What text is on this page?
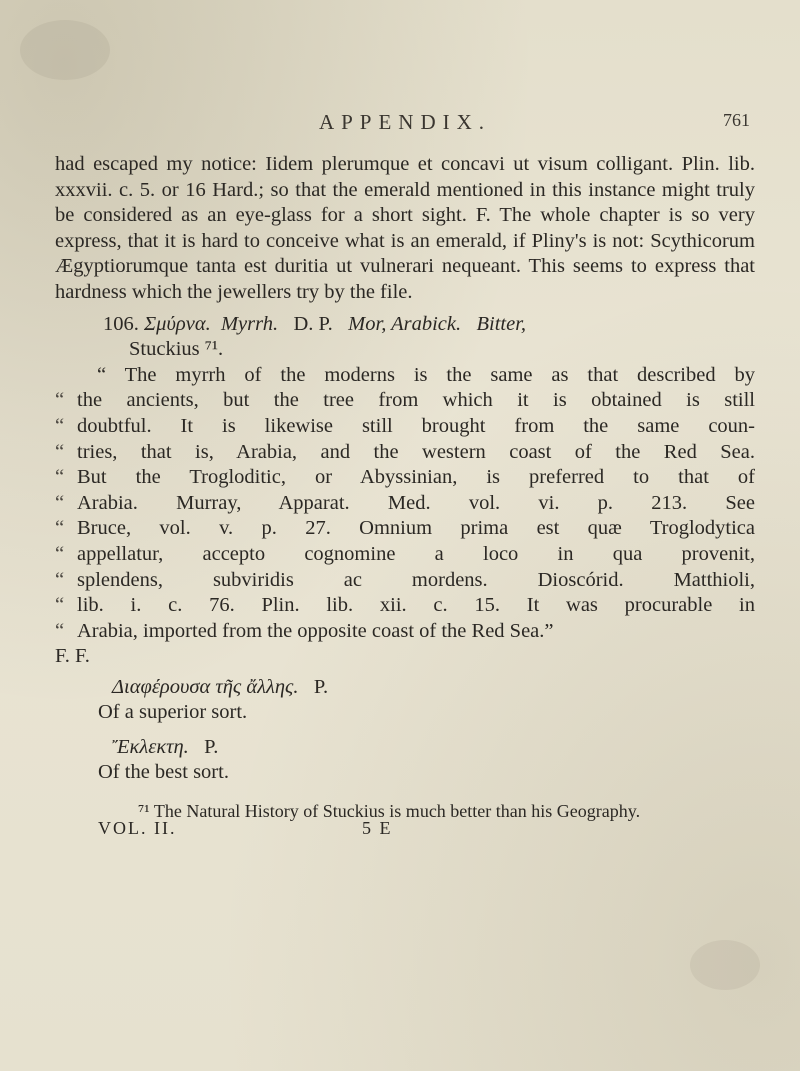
APPENDIX.	761

had escaped my notice: Iidem plerumque et concavi ut visum colligant. Plin. lib. xxxvii. c. 5. or 16 Hard.; so that the emerald mentioned in this instance might truly be considered as an eye-glass for a short sight. F. The whole chapter is so very express, that it is hard to conceive what is an emerald, if Pliny's is not: Scythicorum Ægyptiorumque tanta est duritia ut vulnerari nequeant. This seems to express that hardness which the jewellers try by the file.

106. Σμύρνα. Myrrh. D. P. Mor, Arabick. Bitter,

Stuckius ⁷¹.

“ The myrrh of the moderns is the same as that described by
“ the ancients, but the tree from which it is obtained is still
“ doubtful. It is likewise still brought from the same coun-
“ tries, that is, Arabia, and the western coast of the Red Sea.
“ But the Trogloditic, or Abyssinian, is preferred to that of
“ Arabia. Murray, Apparat. Med. vol. vi. p. 213. See
“ Bruce, vol. v. p. 27. Omnium prima est quæ Troglodytica
“ appellatur, accepto cognomine a loco in qua provenit,
“ splendens, subviridis ac mordens. Dioscórid. Matthioli,
“ lib. i. c. 76. Plin. lib. xii. c. 15. It was procurable in
“ Arabia, imported from the opposite coast of the Red Sea.”

F. F.

Διαφέρουσα τῆς ἄλλης. P.

Of a superior sort.

Ἔκλεκτη. P.

Of the best sort.

⁷¹ The Natural History of Stuckius is much better than his Geography.
VOL. II.	5 E
